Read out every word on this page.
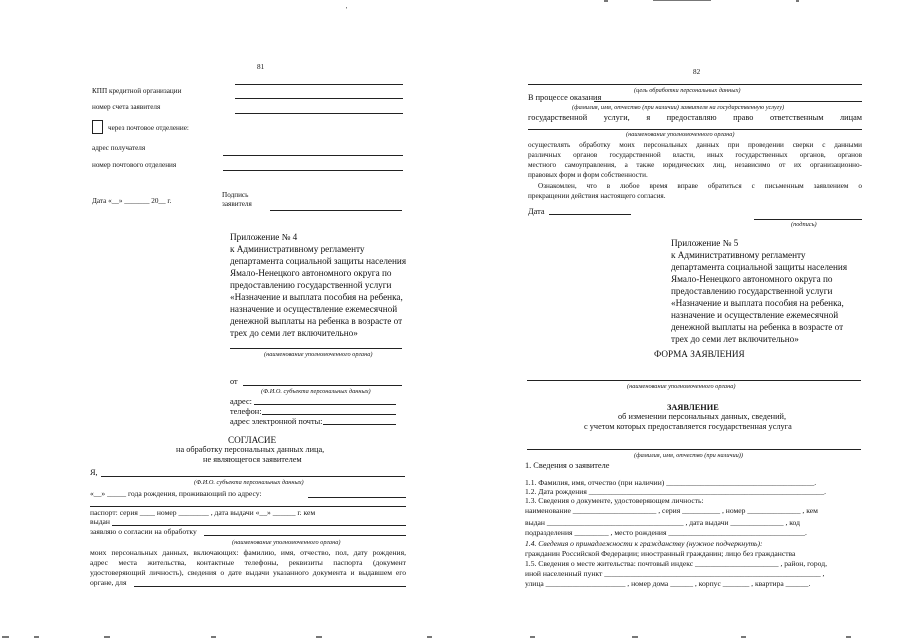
81
КПП кредитной организации
номер счета заявителя
через почтовое отделение:
адрес получателя
номер почтового отделения
Дата «__» _______ 20__ г.
Подпись
заявителя
Приложение № 4
к Административному регламенту
департамента социальной защиты населения
Ямало-Ненецкого автономного округа по
предоставлению государственной услуги
«Назначение и выплата пособия на ребенка,
назначение и осуществление ежемесячной
денежной выплаты на ребенка в возрасте от
трех до семи лет включительно»
(наименование уполномоченного органа)
от
(Ф.И.О. субъекта персональных данных)
адрес:
телефон:
адрес электронной почты:
СОГЛАСИЕ
на обработку персональных данных лица,
не являющегося заявителем
Я,
(Ф.И.О. субъекта персональных данных)
«__» _____ года рождения, проживающий по адресу:
паспорт: серия ____ номер ________ , дата выдачи «__» ______ г. кем
выдан
заявляю о согласии на обработку
(наименование уполномоченного органа)
моих персональных данных, включающих: фамилию, имя, отчество, пол, дату рождения,
адрес места жительства, контактные телефоны, реквизиты паспорта (документ
удостоверяющий личность), сведения о дате выдачи указанного документа и выдавшем его
органе, для
82
(цель обработки персональных данных)
В процессе оказания
(фамилия, имя, отчество (при наличии) заявителя на государственную услугу)
государственной услуги, я предоставляю право ответственным лицам
(наименование уполномоченного органа)
осуществлять обработку моих персональных данных при проведении сверки с данными
различных органов государственной власти, иных государственных органов, органов
местного самоуправления, а также юридических лиц, независимо от их организационно-
правовых форм и форм собственности.
Ознакомлен, что в любое время вправе обратиться с письменным заявлением о
прекращении действия настоящего согласия.
Дата
(подпись)
Приложение № 5
к Административному регламенту
департамента социальной защиты населения
Ямало-Ненецкого автономного округа по
предоставлению государственной услуги
«Назначение и выплата пособия на ребенка,
назначение и осуществление ежемесячной
денежной выплаты на ребенка в возрасте от
трех до семи лет включительно»
ФОРМА ЗАЯВЛЕНИЯ
(наименование уполномоченного органа)
ЗАЯВЛЕНИЕ
об изменении персональных данных, сведений,
с учетом которых предоставляется государственная услуга
(фамилия, имя, отчество (при наличии))
1. Сведения о заявителе
1.1. Фамилия, имя, отчество (при наличии) _______________________________________.
1.2. Дата рождения ______________________________________________________________.
1.3. Сведения о документе, удостоверяющем личность:
наименование ______________________ , серия __________ , номер ______________ , кем
выдан ____________________________________ , дата выдачи ______________ , код
подразделения _________ , место рождения ____________________________________.
1.4. Сведения о принадлежности к гражданству (нужное подчеркнуть):
гражданин Российской Федерации; иностранный гражданин; лицо без гражданства
1.5. Сведения о месте жительства: почтовый индекс ______________________ , район, город,
иной населенный пункт _________________________________________________________ ,
улица _____________________ , номер дома ______ , корпус _______ , квартира ______.
'
